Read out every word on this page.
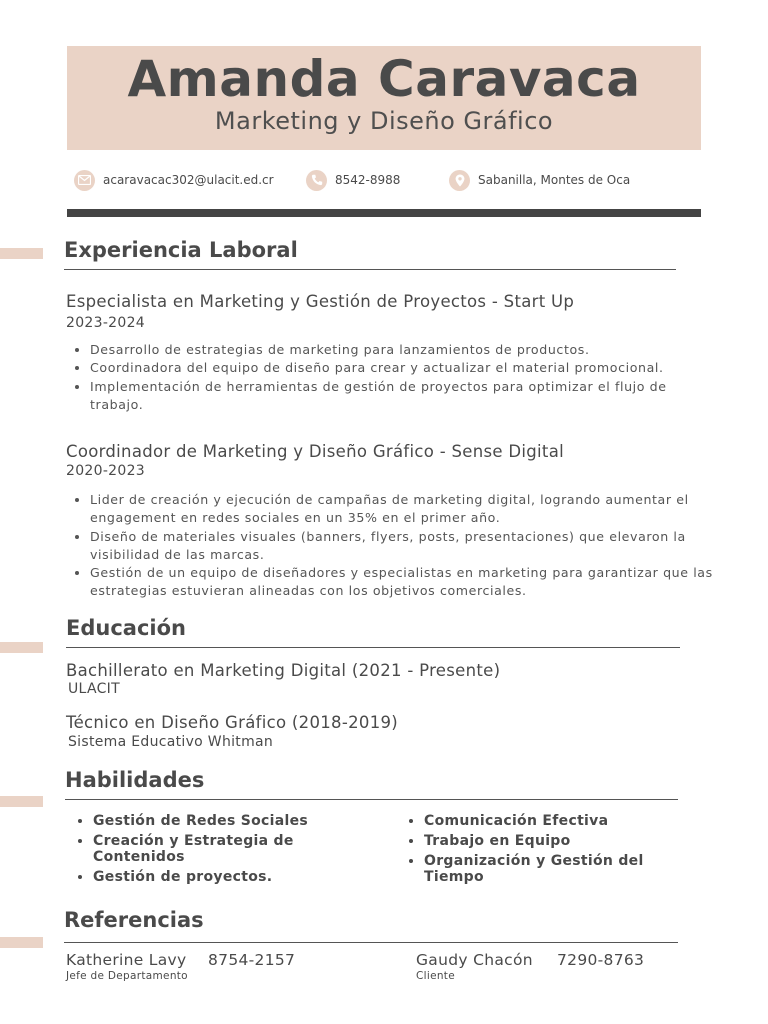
Amanda Caravaca
Marketing y Diseño Gráfico
acaravacac302@ulacit.ed.cr	8542-8988	Sabanilla, Montes de Oca
Experiencia Laboral
Especialista en Marketing y Gestión de Proyectos - Start Up
2023-2024
• Desarrollo de estrategias de marketing para lanzamientos de productos.
• Coordinadora del equipo de diseño para crear y actualizar el material promocional.
• Implementación de herramientas de gestión de proyectos para optimizar el flujo de trabajo.
Coordinador de Marketing y Diseño Gráfico - Sense Digital
2020-2023
• Lider de creación y ejecución de campañas de marketing digital, logrando aumentar el engagement en redes sociales en un 35% en el primer año.
• Diseño de materiales visuales (banners, flyers, posts, presentaciones) que elevaron la visibilidad de las marcas.
• Gestión de un equipo de diseñadores y especialistas en marketing para garantizar que las estrategias estuvieran alineadas con los objetivos comerciales.
Educación
Bachillerato en Marketing Digital (2021 - Presente)
ULACIT
Técnico en Diseño Gráfico (2018-2019)
Sistema Educativo Whitman
Habilidades
• Gestión de Redes Sociales
• Creación y Estrategia de Contenidos
• Gestión de proyectos.
• Comunicación Efectiva
• Trabajo en Equipo
• Organización y Gestión del Tiempo
Referencias
Katherine Lavy 8754-2157
Jefe de Departamento
Gaudy Chacón 7290-8763
Cliente
